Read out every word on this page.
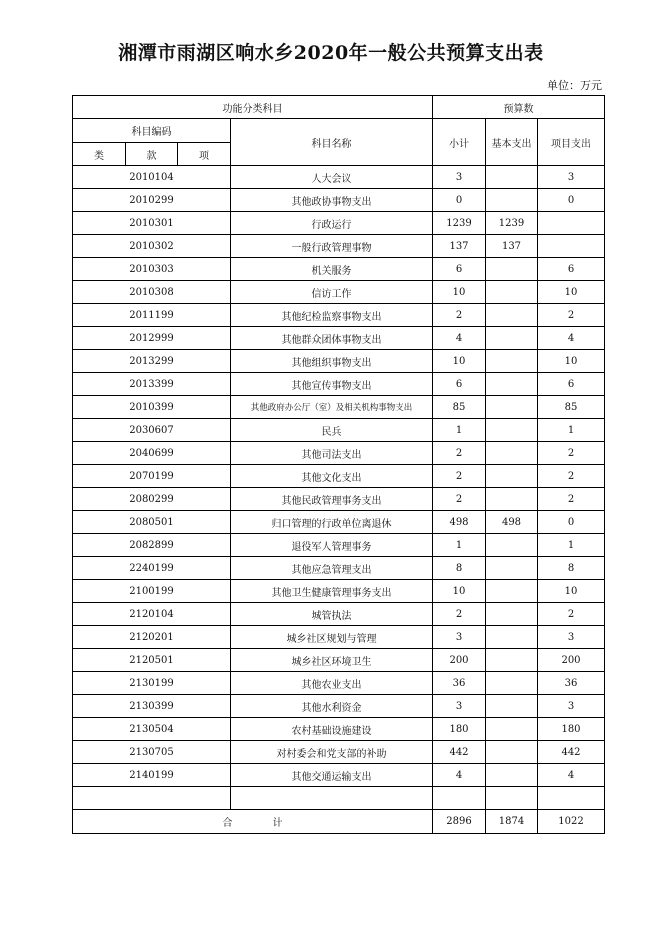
湘潭市雨湖区响水乡2020年一般公共预算支出表
单位：万元
功能分类科目				预算数		
科目编码			科目名称	小计	基本支出	项目支出
类	款	项				
2010104			人大会议	3		3
2010299			其他政协事物支出	0		0
2010301			行政运行	1239	1239	
2010302			一般行政管理事物	137	137	
2010303			机关服务	6		6
2010308			信访工作	10		10
2011199			其他纪检监察事物支出	2		2
2012999			其他群众团体事物支出	4		4
2013299			其他组织事物支出	10		10
2013399			其他宣传事物支出	6		6
2010399			其他政府办公厅（室）及相关机构事物支出	85		85
2030607			民兵	1		1
2040699			其他司法支出	2		2
2070199			其他文化支出	2		2
2080299			其他民政管理事务支出	2		2
2080501			归口管理的行政单位离退休	498	498	0
2082899			退役军人管理事务	1		1
2240199			其他应急管理支出	8		8
2100199			其他卫生健康管理事务支出	10		10
2120104			城管执法	2		2
2120201			城乡社区规划与管理	3		3
2120501			城乡社区环境卫生	200		200
2130199			其他农业支出	36		36
2130399			其他水利资金	3		3
2130504			农村基础设施建设	180		180
2130705			对村委会和党支部的补助	442		442
2140199			其他交通运输支出	4		4

合　　　　计				2896	1874	1022
